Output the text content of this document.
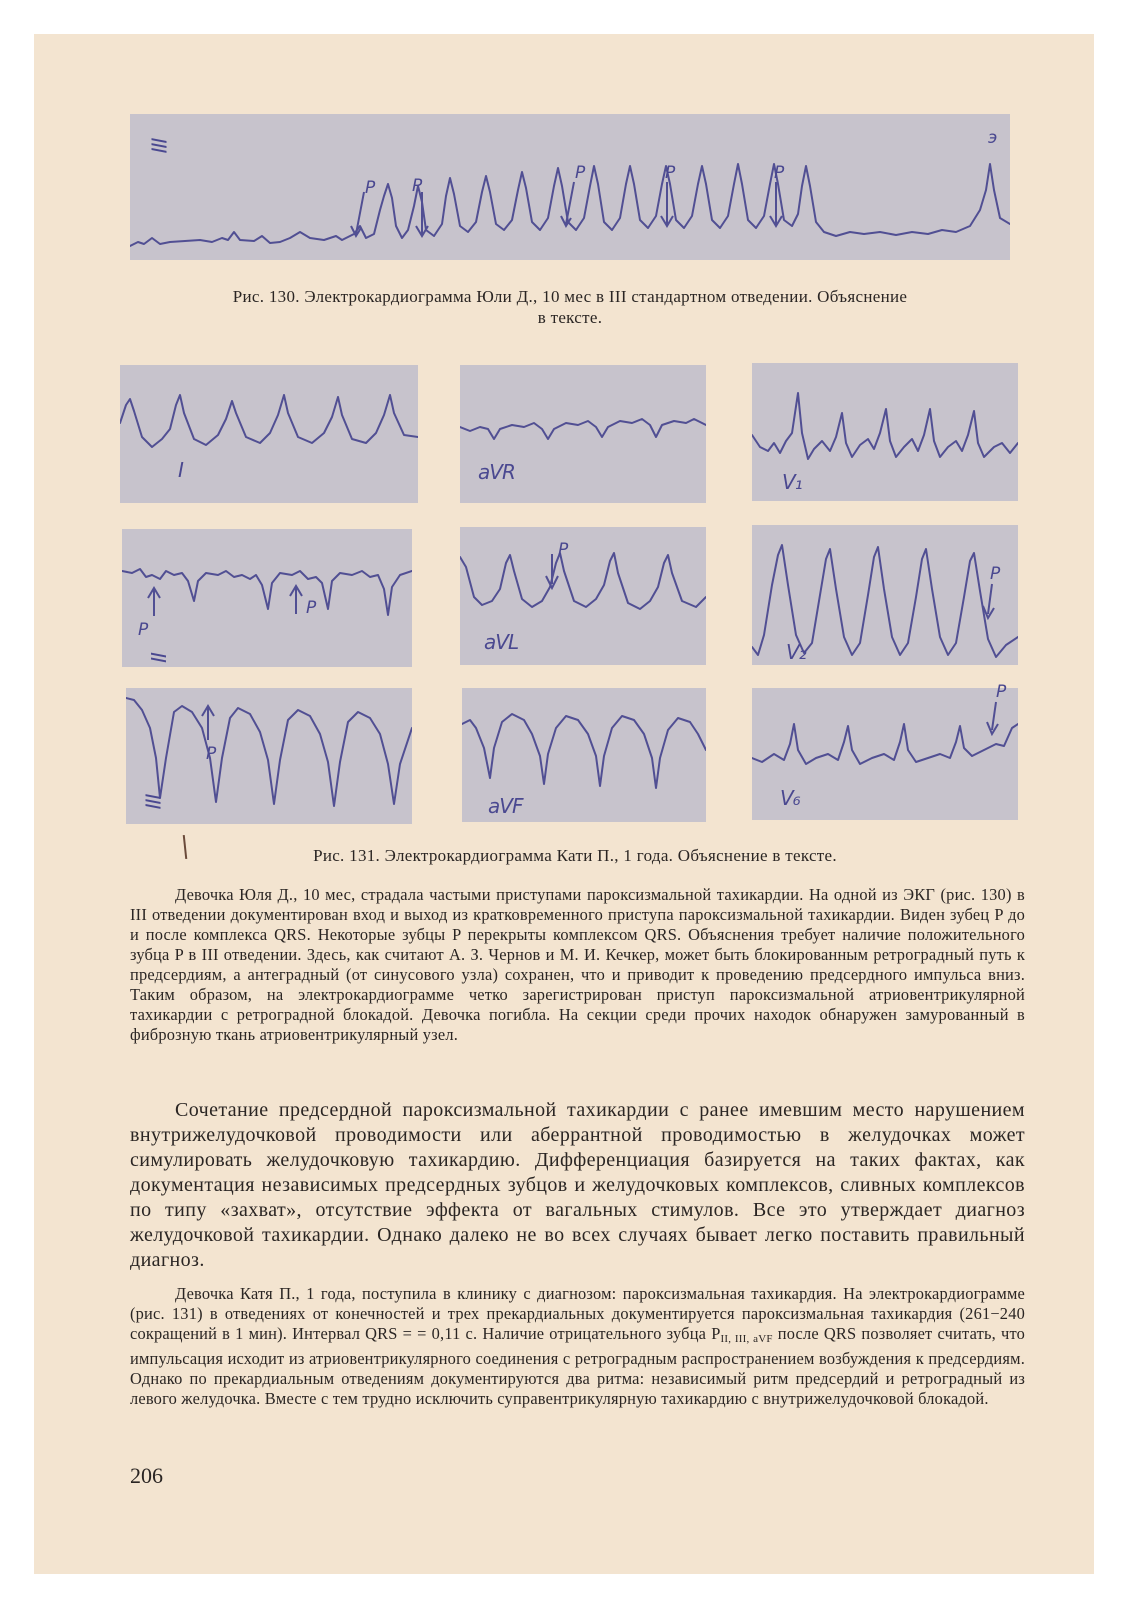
III	э
P P
P	P	P
Рис. 130. Электрокардиограмма Юли Д., 10 мес в III стандартном отведении. Объяснение
в тексте.
I	aVR	V₁
P
P
II
P
aVL
P
V₂
P
III	aVF
P
V₆
Рис. 131. Электрокардиограмма Кати П., 1 года. Объяснение в тексте.
Девочка Юля Д., 10 мес, страдала частыми приступами пароксизмальной тахикардии. На одной из ЭКГ (рис. 130) в III отведении документирован вход и выход из кратковременного приступа пароксизмальной тахикардии. Виден зубец P до и после комплекса QRS. Некоторые зубцы P перекрыты комплексом QRS. Объяснения требует наличие положительного зубца P в III отведении. Здесь, как считают А. З. Чернов и М. И. Кечкер, может быть блокированным ретроградный путь к предсердиям, а антеградный (от синусового узла) сохранен, что и приводит к проведению предсердного импульса вниз. Таким образом, на электрокардиограмме четко зарегистрирован приступ пароксизмальной атриовентрикулярной тахикардии с ретроградной блокадой. Девочка погибла. На секции среди прочих находок обнаружен замурованный в фиброзную ткань атриовентрикулярный узел.
Сочетание предсердной пароксизмальной тахикардии с ранее имевшим место нарушением внутрижелудочковой проводимости или аберрантной проводимостью в желудочках может симулировать желудочковую тахикардию. Дифференциация базируется на таких фактах, как документация независимых предсердных зубцов и желудочковых комплексов, сливных комплексов по типу «захват», отсутствие эффекта от вагальных стимулов. Все это утверждает диагноз желудочковой тахикардии. Однако далеко не во всех случаях бывает легко поставить правильный диагноз.
Девочка Катя П., 1 года, поступила в клинику с диагнозом: пароксизмальная тахикардия. На электрокардиограмме (рис. 131) в отведениях от конечностей и трех прекардиальных документируется пароксизмальная тахикардия (261−240 сокращений в 1 мин). Интервал QRS = = 0,11 с. Наличие отрицательного зубца $P_{II, III, aVF}$ после QRS позволяет считать, что импульсация исходит из атриовентрикулярного соединения с ретроградным распространением возбуждения к предсердиям. Однако по прекардиальным отведениям документируются два ритма: независимый ритм предсердий и ретроградный из левого желудочка. Вместе с тем трудно исключить суправентрикулярную тахикардию с внутрижелудочковой блокадой.
206
